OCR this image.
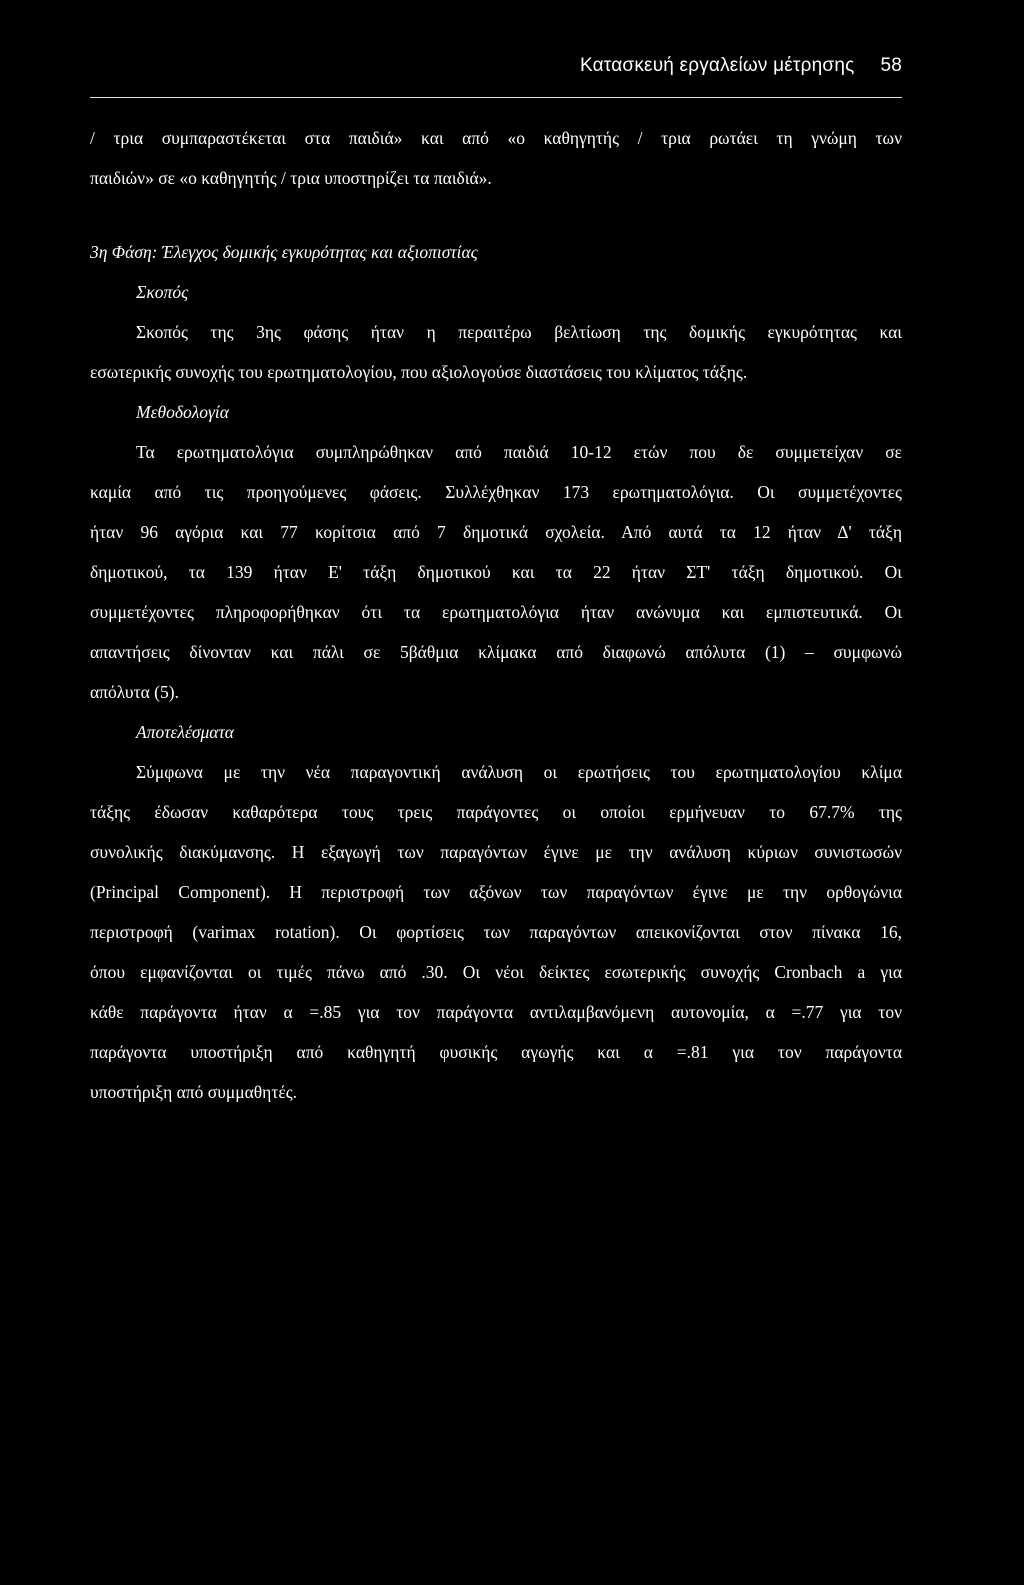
Κατασκευή εργαλείων μέτρησης 58
/ τρια συμπαραστέκεται στα παιδιά» και από «ο καθηγητής / τρια ρωτάει τη γνώμη των
παιδιών» σε «ο καθηγητής / τρια υποστηρίζει τα παιδιά».
3η Φάση: Έλεγχος δομικής εγκυρότητας και αξιοπιστίας
Σκοπός
Σκοπός της 3ης φάσης ήταν η περαιτέρω βελτίωση της δομικής εγκυρότητας και
εσωτερικής συνοχής του ερωτηματολογίου, που αξιολογούσε διαστάσεις του κλίματος τάξης.
Μεθοδολογία
Τα ερωτηματολόγια συμπληρώθηκαν από παιδιά 10-12 ετών που δε συμμετείχαν σε
καμία από τις προηγούμενες φάσεις. Συλλέχθηκαν 173 ερωτηματολόγια. Οι συμμετέχοντες
ήταν 96 αγόρια και 77 κορίτσια από 7 δημοτικά σχολεία. Από αυτά τα 12 ήταν Δ' τάξη
δημοτικού, τα 139 ήταν Ε' τάξη δημοτικού και τα 22 ήταν ΣΤ' τάξη δημοτικού. Οι
συμμετέχοντες πληροφορήθηκαν ότι τα ερωτηματολόγια ήταν ανώνυμα και εμπιστευτικά. Οι
απαντήσεις δίνονταν και πάλι σε 5βάθμια κλίμακα από διαφωνώ απόλυτα (1) – συμφωνώ
απόλυτα (5).
Αποτελέσματα
Σύμφωνα με την νέα παραγοντική ανάλυση οι ερωτήσεις του ερωτηματολογίου κλίμα
τάξης έδωσαν καθαρότερα τους τρεις παράγοντες οι οποίοι ερμήνευαν το 67.7% της
συνολικής διακύμανσης. Η εξαγωγή των παραγόντων έγινε με την ανάλυση κύριων συνιστωσών
(Principal Component). Η περιστροφή των αξόνων των παραγόντων έγινε με την ορθογώνια
περιστροφή (varimax rotation). Οι φορτίσεις των παραγόντων απεικονίζονται στον πίνακα 16,
όπου εμφανίζονται οι τιμές πάνω από .30. Οι νέοι δείκτες εσωτερικής συνοχής Cronbach a για
κάθε παράγοντα ήταν α =.85 για τον παράγοντα αντιλαμβανόμενη αυτονομία, α =.77 για τον
παράγοντα υποστήριξη από καθηγητή φυσικής αγωγής και α =.81 για τον παράγοντα
υποστήριξη από συμμαθητές.
